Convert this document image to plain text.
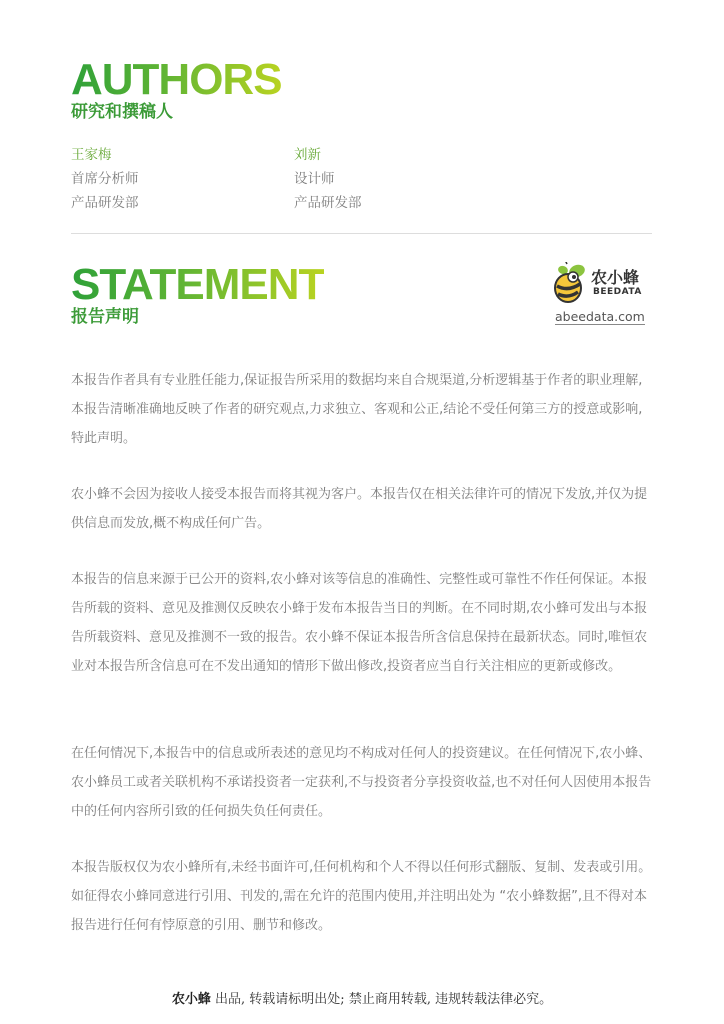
AUTHORS
研究和撰稿人
王家梅
首席分析师
产品研发部
刘新
设计师
产品研发部
STATEMENT
报告声明
农小蜂
BEEDATA
abeedata.com

本报告作者具有专业胜任能力,保证报告所采用的数据均来自合规渠道,分析逻辑基于作者的职业理解,本报告清晰准确地反映了作者的研究观点,力求独立、客观和公正,结论不受任何第三方的授意或影响,特此声明。

农小蜂不会因为接收人接受本报告而将其视为客户。本报告仅在相关法律许可的情况下发放,并仅为提供信息而发放,概不构成任何广告。

本报告的信息来源于已公开的资料,农小蜂对该等信息的准确性、完整性或可靠性不作任何保证。本报告所载的资料、意见及推测仅反映农小蜂于发布本报告当日的判断。在不同时期,农小蜂可发出与本报告所载资料、意见及推测不一致的报告。农小蜂不保证本报告所含信息保持在最新状态。同时,唯恒农业对本报告所含信息可在不发出通知的情形下做出修改,投资者应当自行关注相应的更新或修改。

在任何情况下,本报告中的信息或所表述的意见均不构成对任何人的投资建议。在任何情况下,农小蜂、农小蜂员工或者关联机构不承诺投资者一定获利,不与投资者分享投资收益,也不对任何人因使用本报告中的任何内容所引致的任何损失负任何责任。

本报告版权仅为农小蜂所有,未经书面许可,任何机构和个人不得以任何形式翻版、复制、发表或引用。如征得农小蜂同意进行引用、刊发的,需在允许的范围内使用,并注明出处为 “农小蜂数据”,且不得对本报告进行任何有悖原意的引用、删节和修改。

农小蜂 出品, 转载请标明出处; 禁止商用转载, 违规转载法律必究。
